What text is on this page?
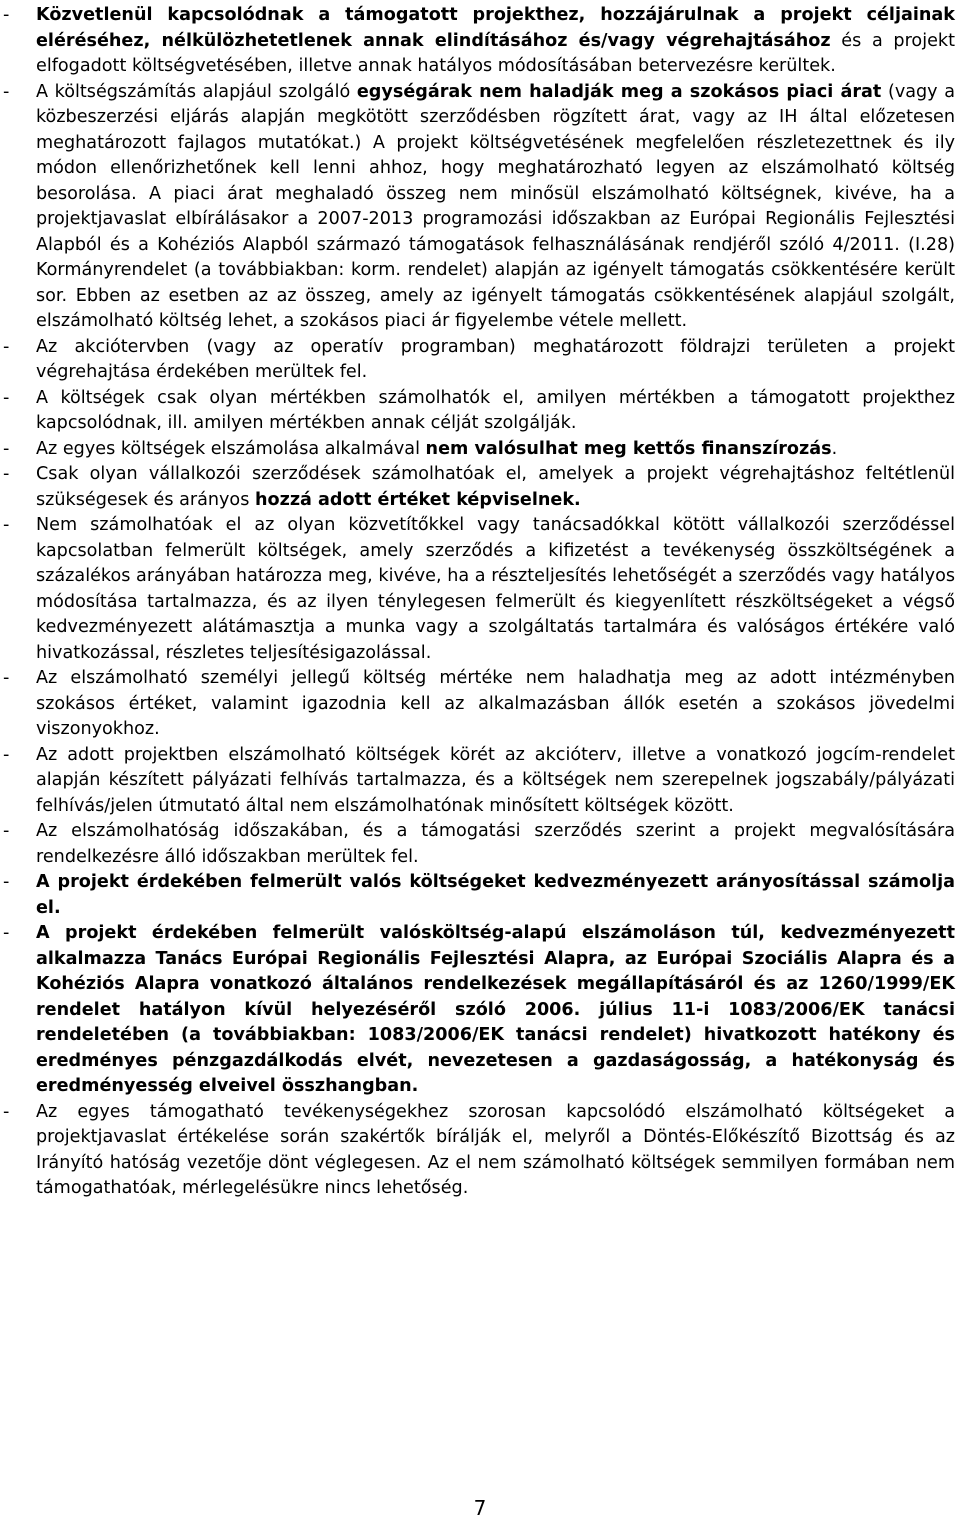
-	Közvetlenül kapcsolódnak a támogatott projekthez, hozzájárulnak a projekt céljainak eléréséhez, nélkülözhetetlenek annak elindításához és/vagy végrehajtásához és a projekt elfogadott költségvetésében, illetve annak hatályos módosításában betervezésre kerültek.
-	A költségszámítás alapjául szolgáló egységárak nem haladják meg a szokásos piaci árat (vagy a közbeszerzési eljárás alapján megkötött szerződésben rögzített árat, vagy az IH által előzetesen meghatározott fajlagos mutatókat.) A projekt költségvetésének megfelelően részletezettnek és ily módon ellenőrizhetőnek kell lenni ahhoz, hogy meghatározható legyen az elszámolható költség besorolása. A piaci árat meghaladó összeg nem minősül elszámolható költségnek, kivéve, ha a projektjavaslat elbírálásakor a 2007-2013 programozási időszakban az Európai Regionális Fejlesztési Alapból és a Kohéziós Alapból származó támogatások felhasználásának rendjéről szóló 4/2011. (I.28) Kormányrendelet (a továbbiakban: korm. rendelet) alapján az igényelt támogatás csökkentésére került sor. Ebben az esetben az az összeg, amely az igényelt támogatás csökkentésének alapjául szolgált, elszámolható költség lehet, a szokásos piaci ár figyelembe vétele mellett.
-	Az akciótervben (vagy az operatív programban) meghatározott földrajzi területen a projekt végrehajtása érdekében merültek fel.
-	A költségek csak olyan mértékben számolhatók el, amilyen mértékben a támogatott projekthez kapcsolódnak, ill. amilyen mértékben annak célját szolgálják.
-	Az egyes költségek elszámolása alkalmával nem valósulhat meg kettős finanszírozás.
-	Csak olyan vállalkozói szerződések számolhatóak el, amelyek a projekt végrehajtáshoz feltétlenül szükségesek és arányos hozzá adott értéket képviselnek.
-	Nem számolhatóak el az olyan közvetítőkkel vagy tanácsadókkal kötött vállalkozói szerződéssel kapcsolatban felmerült költségek, amely szerződés a kifizetést a tevékenység összköltségének a százalékos arányában határozza meg, kivéve, ha a részteljesítés lehetőségét a szerződés vagy hatályos módosítása tartalmazza, és az ilyen ténylegesen felmerült és kiegyenlített részköltségeket a végső kedvezményezett alátámasztja a munka vagy a szolgáltatás tartalmára és valóságos értékére való hivatkozással, részletes teljesítésigazolással.
-	Az elszámolható személyi jellegű költség mértéke nem haladhatja meg az adott intézményben szokásos értéket, valamint igazodnia kell az alkalmazásban állók esetén a szokásos jövedelmi viszonyokhoz.
-	Az adott projektben elszámolható költségek körét az akcióterv, illetve a vonatkozó jogcím-rendelet alapján készített pályázati felhívás tartalmazza, és a költségek nem szerepelnek jogszabály/pályázati felhívás/jelen útmutató által nem elszámolhatónak minősített költségek között.
-	Az elszámolhatóság időszakában, és a támogatási szerződés szerint a projekt megvalósítására rendelkezésre álló időszakban merültek fel.
-	A projekt érdekében felmerült valós költségeket kedvezményezett arányosítással számolja el.
-	A projekt érdekében felmerült valósköltség-alapú elszámoláson túl, kedvezményezett alkalmazza Tanács Európai Regionális Fejlesztési Alapra, az Európai Szociális Alapra és a Kohéziós Alapra vonatkozó általános rendelkezések megállapításáról és az 1260/1999/EK rendelet hatályon kívül helyezéséről szóló 2006. július 11-i 1083/2006/EK tanácsi rendeletében (a továbbiakban: 1083/2006/EK tanácsi rendelet) hivatkozott hatékony és eredményes pénzgazdálkodás elvét, nevezetesen a gazdaságosság, a hatékonyság és eredményesség elveivel összhangban.
-	Az egyes támogatható tevékenységekhez szorosan kapcsolódó elszámolható költségeket a projektjavaslat értékelése során szakértők bírálják el, melyről a Döntés-Előkészítő Bizottság és az Irányító hatóság vezetője dönt véglegesen. Az el nem számolható költségek semmilyen formában nem támogathatóak, mérlegelésükre nincs lehetőség.
7
